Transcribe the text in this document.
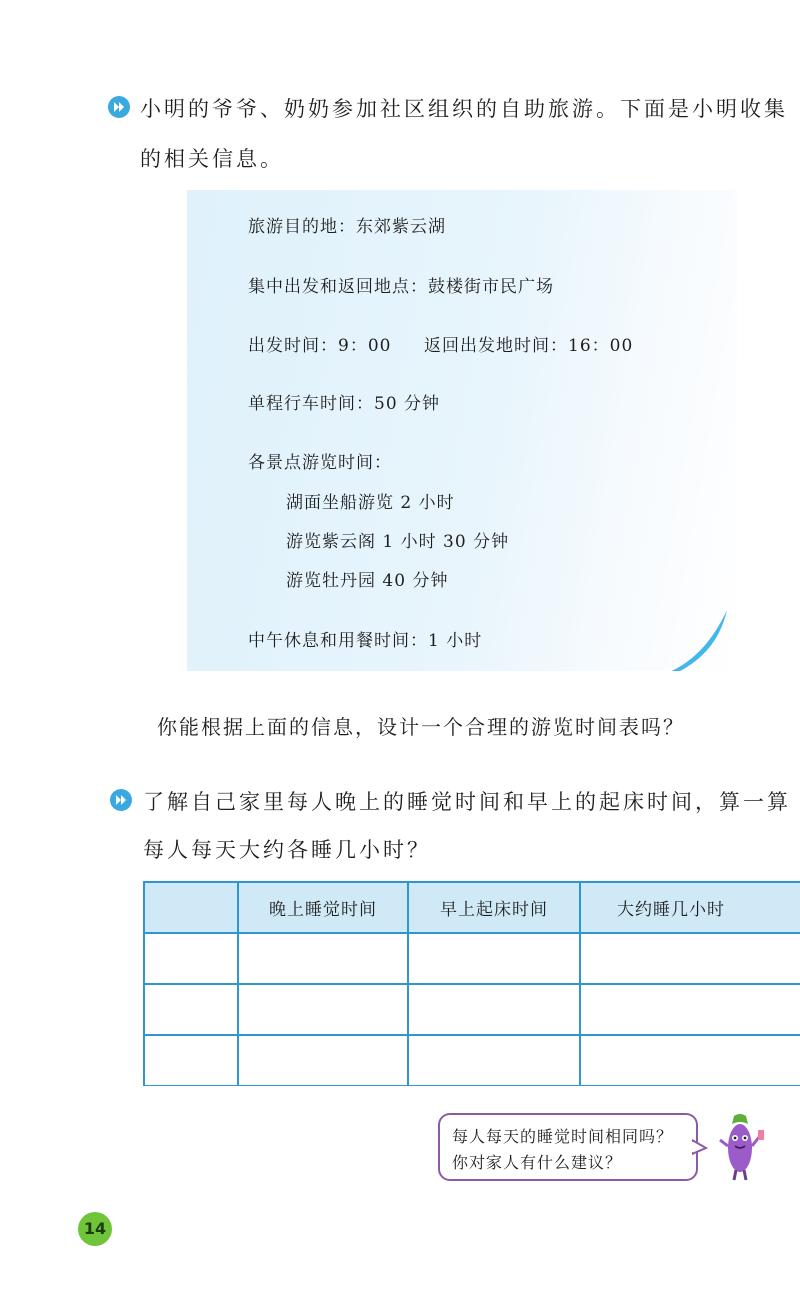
小明的爷爷、奶奶参加社区组织的自助旅游。下面是小明收集
的相关信息。
旅游目的地：东郊紫云湖
集中出发和返回地点：鼓楼街市民广场
出发时间：9：00 返回出发地时间：16：00
单程行车时间：50 分钟
各景点游览时间：
湖面坐船游览 2 小时
游览紫云阁 1 小时 30 分钟
游览牡丹园 40 分钟
中午休息和用餐时间：1 小时
你能根据上面的信息，设计一个合理的游览时间表吗？
了解自己家里每人晚上的睡觉时间和早上的起床时间，算一算
每人每天大约各睡几小时？
	晚上睡觉时间	早上起床时间	大约睡几小时

每人每天的睡觉时间相同吗？
你对家人有什么建议？
14
